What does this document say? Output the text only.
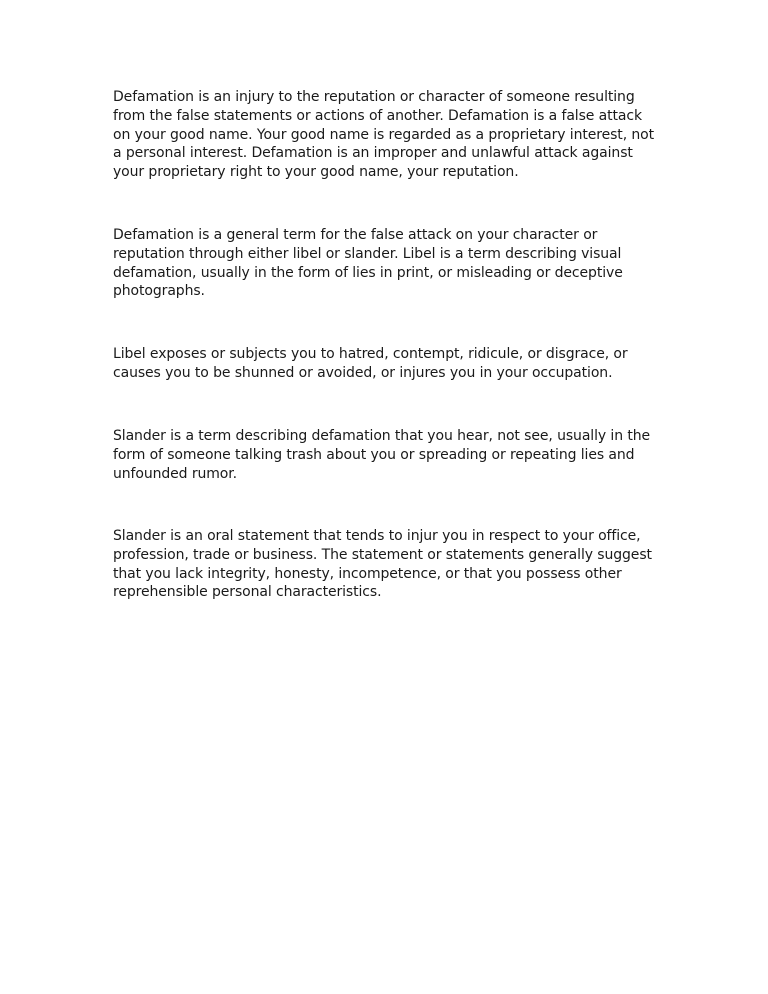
Defamation is an injury to the reputation or character of someone resulting
from the false statements or actions of another. Defamation is a false attack
on your good name. Your good name is regarded as a proprietary interest, not
a personal interest. Defamation is an improper and unlawful attack against
your proprietary right to your good name, your reputation.

Defamation is a general term for the false attack on your character or
reputation through either libel or slander. Libel is a term describing visual
defamation, usually in the form of lies in print, or misleading or deceptive
photographs.

Libel exposes or subjects you to hatred, contempt, ridicule, or disgrace, or
causes you to be shunned or avoided, or injures you in your occupation.

Slander is a term describing defamation that you hear, not see, usually in the
form of someone talking trash about you or spreading or repeating lies and
unfounded rumor.

Slander is an oral statement that tends to injur you in respect to your office,
profession, trade or business. The statement or statements generally suggest
that you lack integrity, honesty, incompetence, or that you possess other
reprehensible personal characteristics.
